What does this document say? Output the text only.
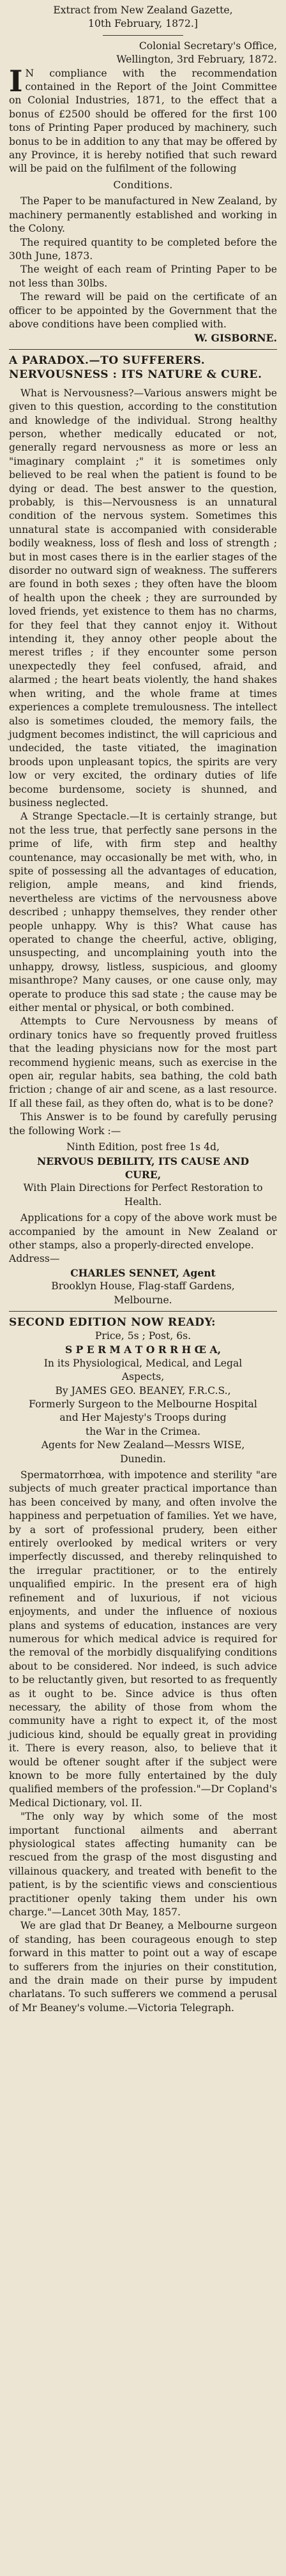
Extract from New Zealand Gazette,

10th February, 1872.]

Colonial Secretary's Office,

Wellington, 3rd February, 1872.

I N compliance with the recommendation contained in the Report of the Joint Committee on Colonial Industries, 1871, to the effect that a bonus of £2500 should be offered for the first 100 tons of Printing Paper produced by machinery, such bonus to be in addition to any that may be offered by any Province, it is hereby notified that such reward will be paid on the fulfilment of the following

Conditions.

The Paper to be manufactured in New Zealand, by machinery permanently established and working in the Colony.

The required quantity to be completed before the 30th June, 1873.

The weight of each ream of Printing Paper to be not less than 30lbs.

The reward will be paid on the certificate of an officer to be appointed by the Government that the above conditions have been complied with.

W. GISBORNE.

A PARADOX.—TO SUFFERERS.

NERVOUSNESS : ITS NATURE & CURE.

What is Nervousness?—Various answers might be given to this question, according to the constitution and knowledge of the individual. Strong healthy person, whether medically educated or not, generally regard nervousness as more or less an "imaginary complaint ;" it is sometimes only believed to be real when the patient is found to be dying or dead. The best answer to the question, probably, is this—Nervousness is an unnatural condition of the nervous system. Sometimes this unnatural state is accompanied with considerable bodily weakness, loss of flesh and loss of strength ; but in most cases there is in the earlier stages of the disorder no outward sign of weakness. The sufferers are found in both sexes ; they often have the bloom of health upon the cheek ; they are surrounded by loved friends, yet existence to them has no charms, for they feel that they cannot enjoy it. Without intending it, they annoy other people about the merest trifles ; if they encounter some person unexpectedly they feel confused, afraid, and alarmed ; the heart beats violently, the hand shakes when writing, and the whole frame at times experiences a complete tremulousness. The intellect also is sometimes clouded, the memory fails, the judgment becomes indistinct, the will capricious and undecided, the taste vitiated, the imagination broods upon unpleasant topics, the spirits are very low or very excited, the ordinary duties of life become burdensome, society is shunned, and business neglected.

A Strange Spectacle.—It is certainly strange, but not the less true, that perfectly sane persons in the prime of life, with firm step and healthy countenance, may occasionally be met with, who, in spite of possessing all the advantages of education, religion, ample means, and kind friends, nevertheless are victims of the nervousness above described ; unhappy themselves, they render other people unhappy. Why is this? What cause has operated to change the cheerful, active, obliging, unsuspecting, and uncomplaining youth into the unhappy, drowsy, listless, suspicious, and gloomy misanthrope? Many causes, or one cause only, may operate to produce this sad state ; the cause may be either mental or physical, or both combined.

Attempts to Cure Nervousness by means of ordinary tonics have so frequently proved fruitless that the leading physicians now for the most part recommend hygienic means, such as exercise in the open air, regular habits, sea bathing, the cold bath friction ; change of air and scene, as a last resource. If all these fail, as they often do, what is to be done?

This Answer is to be found by carefully perusing the following Work :—

Ninth Edition, post free 1s 4d,

NERVOUS DEBILITY, ITS CAUSE AND

CURE,

With Plain Directions for Perfect Restoration to Health.

Applications for a copy of the above work must be accompanied by the amount in New Zealand or other stamps, also a properly-directed envelope.

Address—

CHARLES SENNET, Agent

Brooklyn House, Flag-staff Gardens,

Melbourne.

SECOND EDITION NOW READY:

Price, 5s ; Post, 6s.

S P E R M A T O R R H Œ A,

In its Physiological, Medical, and Legal

Aspects,

By JAMES GEO. BEANEY, F.R.C.S.,

Formerly Surgeon to the Melbourne Hospital

and Her Majesty's Troops during

the War in the Crimea.

Agents for New Zealand—Messrs WISE,

Dunedin.

Spermatorrhœa, with impotence and sterility "are subjects of much greater practical importance than has been conceived by many, and often involve the happiness and perpetuation of families. Yet we have, by a sort of professional prudery, been either entirely overlooked by medical writers or very imperfectly discussed, and thereby relinquished to the irregular practitioner, or to the entirely unqualified empiric. In the present era of high refinement and of luxurious, if not vicious enjoyments, and under the influence of noxious plans and systems of education, instances are very numerous for which medical advice is required for the removal of the morbidly disqualifying conditions about to be considered. Nor indeed, is such advice to be reluctantly given, but resorted to as frequently as it ought to be. Since advice is thus often necessary, the ability of those from whom the community have a right to expect it, of the most judicious kind, should be equally great in providing it. There is every reason, also, to believe that it would be oftener sought after if the subject were known to be more fully entertained by the duly qualified members of the profession."—Dr Copland's Medical Dictionary, vol. II.

"The only way by which some of the most important functional ailments and aberrant physiological states affecting humanity can be rescued from the grasp of the most disgusting and villainous quackery, and treated with benefit to the patient, is by the scientific views and conscientious practitioner openly taking them under his own charge."—Lancet 30th May, 1857.

We are glad that Dr Beaney, a Melbourne surgeon of standing, has been courageous enough to step forward in this matter to point out a way of escape to sufferers from the injuries on their constitution, and the drain made on their purse by impudent charlatans. To such sufferers we commend a perusal of Mr Beaney's volume.—Victoria Telegraph.
